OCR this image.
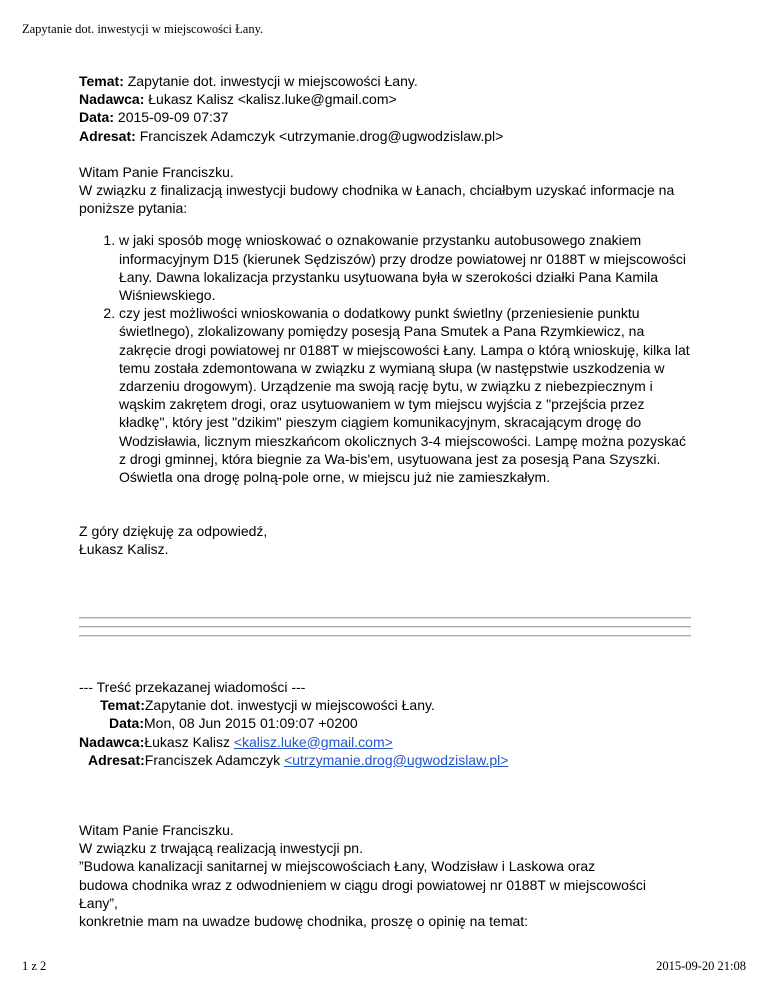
Zapytanie dot. inwestycji w miejscowości Łany.
Temat: Zapytanie dot. inwestycji w miejscowości Łany.
Nadawca: Łukasz Kalisz <kalisz.luke@gmail.com>
Data: 2015-09-09 07:37
Adresat: Franciszek Adamczyk <utrzymanie.drog@ugwodzislaw.pl>
Witam Panie Franciszku.
W związku z finalizacją inwestycji budowy chodnika w Łanach, chciałbym uzyskać informacje na poniższe pytania:
1. w jaki sposób mogę wnioskować o oznakowanie przystanku autobusowego znakiem informacyjnym D15 (kierunek Sędziszów) przy drodze powiatowej nr 0188T w miejscowości Łany. Dawna lokalizacja przystanku usytuowana była w szerokości działki Pana Kamila Wiśniewskiego.
2. czy jest możliwości wnioskowania o dodatkowy punkt świetlny (przeniesienie punktu świetlnego), zlokalizowany pomiędzy posesją Pana Smutek a Pana Rzymkiewicz, na zakręcie drogi powiatowej nr 0188T w miejscowości Łany. Lampa o którą wnioskuję, kilka lat temu została zdemontowana w związku z wymianą słupa (w następstwie uszkodzenia w zdarzeniu drogowym). Urządzenie ma swoją rację bytu, w związku z niebezpiecznym i wąskim zakrętem drogi, oraz usytuowaniem w tym miejscu wyjścia z "przejścia przez kładkę", który jest "dzikim" pieszym ciągiem komunikacyjnym, skracającym drogę do Wodzisławia, licznym mieszkańcom okolicznych 3-4 miejscowości. Lampę można pozyskać z drogi gminnej, która biegnie za Wa-bis'em, usytuowana jest za posesją Pana Szyszki. Oświetla ona drogę polną-pole orne, w miejscu już nie zamieszkałym.
Z góry dziękuję za odpowiedź,
Łukasz Kalisz.
--- Treść przekazanej wiadomości ---
Temat:Zapytanie dot. inwestycji w miejscowości Łany.
Data:Mon, 08 Jun 2015 01:09:07 +0200
Nadawca:Łukasz Kalisz <kalisz.luke@gmail.com>
Adresat:Franciszek Adamczyk <utrzymanie.drog@ugwodzislaw.pl>
Witam Panie Franciszku.
W związku z trwającą realizacją inwestycji pn.
”Budowa kanalizacji sanitarnej w miejscowościach Łany, Wodzisław i Laskowa oraz
budowa chodnika wraz z odwodnieniem w ciągu drogi powiatowej nr 0188T w miejscowości
Łany”,
konkretnie mam na uwadze budowę chodnika, proszę o opinię na temat:
1 z 2	2015-09-20 21:08
